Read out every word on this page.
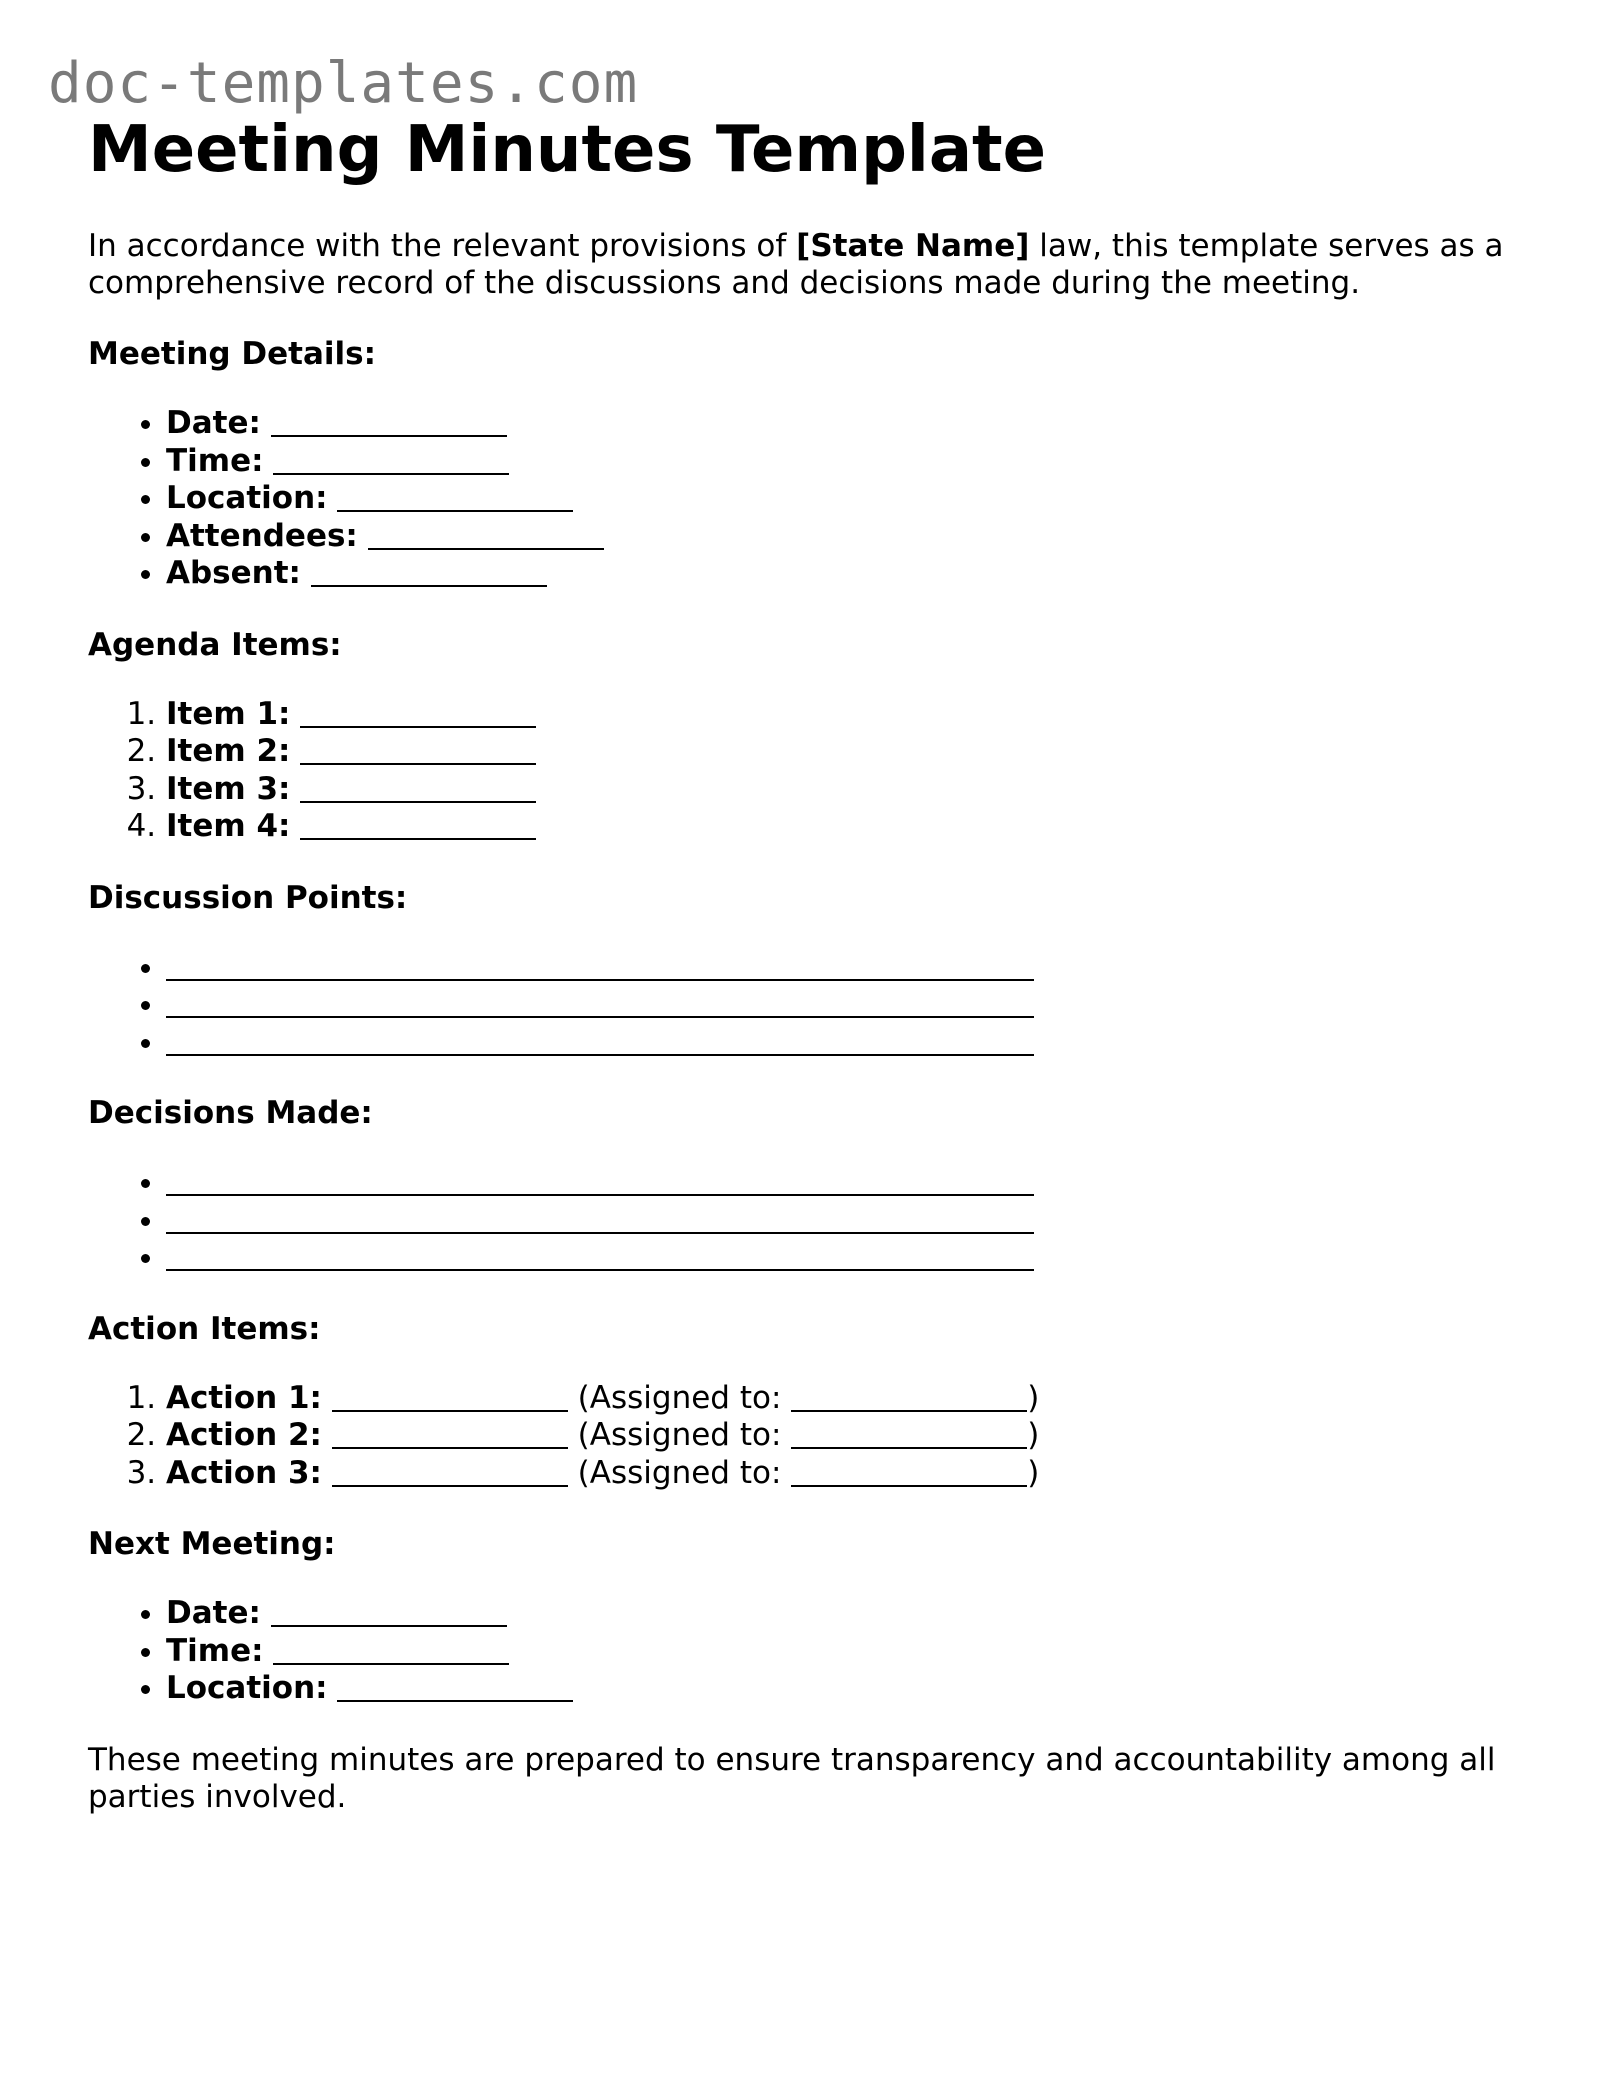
doc-templates.com
Meeting Minutes Template

In accordance with the relevant provisions of [State Name] law, this template serves as a comprehensive record of the discussions and decisions made during the meeting.

Meeting Details:

• Date:
• Time:
• Location:
• Attendees:
• Absent:

Agenda Items:

1. Item 1:
2. Item 2:
3. Item 3:
4. Item 4:

Discussion Points:

•
•
•

Decisions Made:

•
•
•

Action Items:

1. Action 1:	(Assigned to:	)
2. Action 2:	(Assigned to:	)
3. Action 3:	(Assigned to:	)

Next Meeting:

• Date:
• Time:
• Location:

These meeting minutes are prepared to ensure transparency and accountability among all parties involved.
